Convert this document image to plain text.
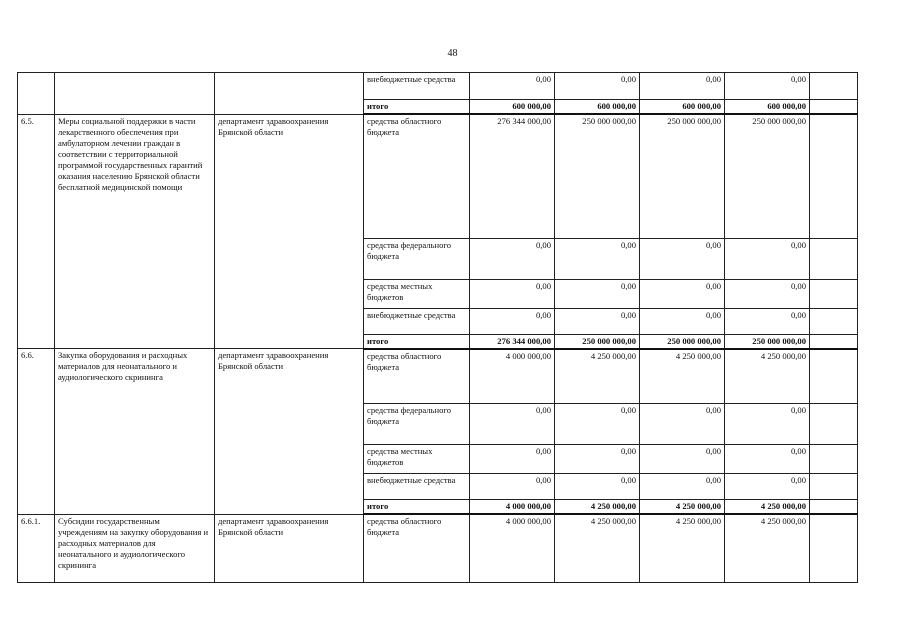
48
			внебюджетные средства	0,00	0,00	0,00	0,00	
			итого	600 000,00	600 000,00	600 000,00	600 000,00	
6.5.	Меры социальной поддержки в части лекарственного обеспечения при амбулаторном лечении граждан в соответствии с территориальной программой государственных гарантий оказания населению Брянской области бесплатной медицинской помощи	департамент здравоохранения Брянской области	средства областного бюджета	276 344 000,00	250 000 000,00	250 000 000,00	250 000 000,00	
			средства федерального бюджета	0,00	0,00	0,00	0,00	
			средства местных бюджетов	0,00	0,00	0,00	0,00	
			внебюджетные средства	0,00	0,00	0,00	0,00	
			итого	276 344 000,00	250 000 000,00	250 000 000,00	250 000 000,00	
6.6.	Закупка оборудования и расходных материалов для неонатального и аудиологического скрининга	департамент здравоохранения Брянской области	средства областного бюджета	4 000 000,00	4 250 000,00	4 250 000,00	4 250 000,00	
			средства федерального бюджета	0,00	0,00	0,00	0,00	
			средства местных бюджетов	0,00	0,00	0,00	0,00	
			внебюджетные средства	0,00	0,00	0,00	0,00	
			итого	4 000 000,00	4 250 000,00	4 250 000,00	4 250 000,00	
6.6.1.	Субсидии государственным учреждениям на закупку оборудования и расходных материалов для неонатального и аудиологического скрининга	департамент здравоохранения Брянской области	средства областного бюджета	4 000 000,00	4 250 000,00	4 250 000,00	4 250 000,00	
